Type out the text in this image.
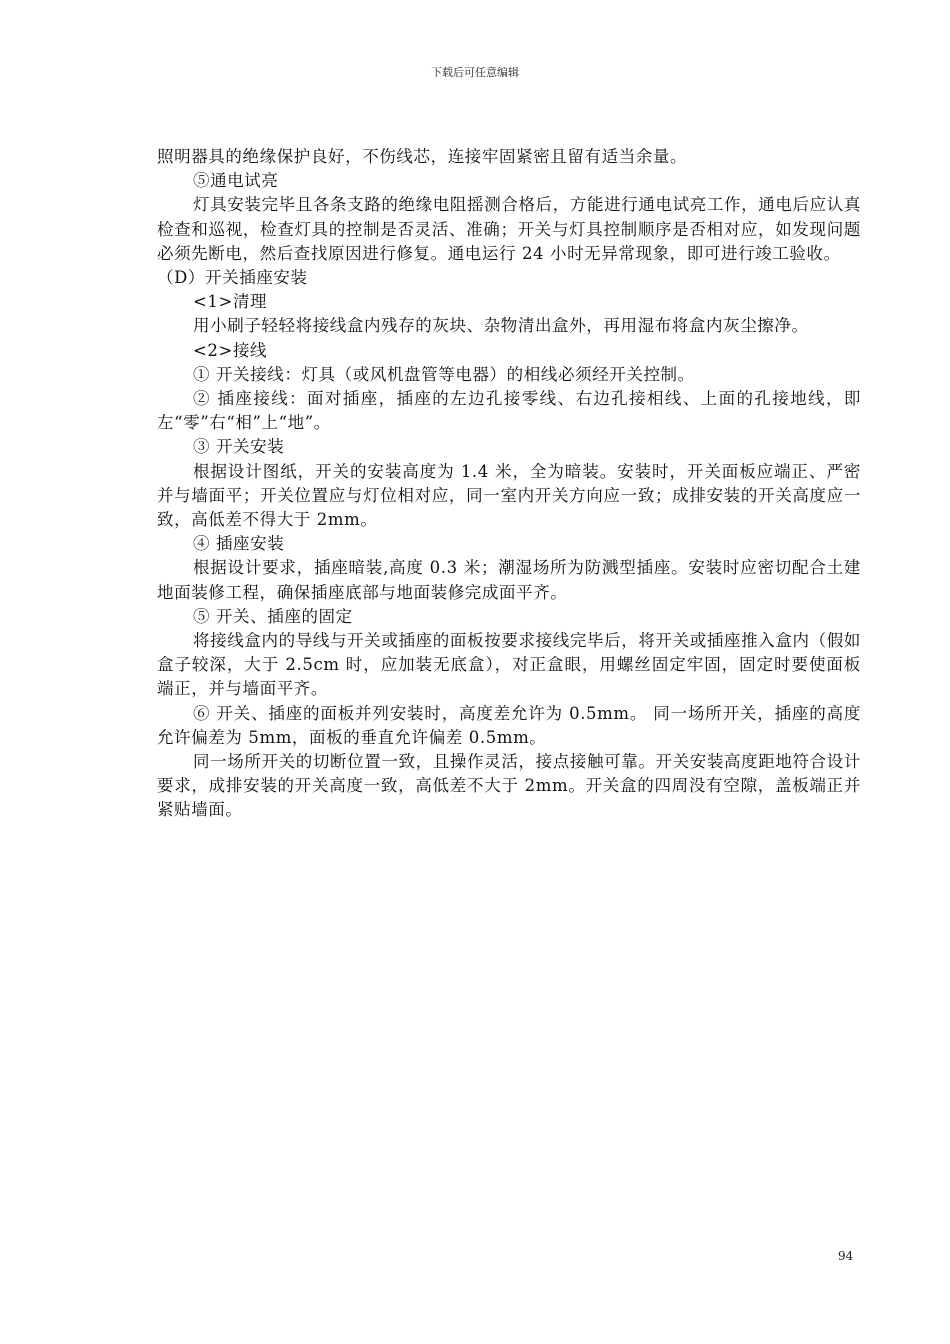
下载后可任意编辑

照明器具的绝缘保护良好，不伤线芯，连接牢固紧密且留有适当余量。

⑤通电试亮

灯具安装完毕且各条支路的绝缘电阻摇测合格后，方能进行通电试亮工作，通电后应认真检查和巡视，检查灯具的控制是否灵活、准确；开关与灯具控制顺序是否相对应，如发现问题必须先断电，然后查找原因进行修复。通电运行 24 小时无异常现象，即可进行竣工验收。

（D）开关插座安装

<1>清理

用小刷子轻轻将接线盒内残存的灰块、杂物清出盒外，再用湿布将盒内灰尘擦净。

<2>接线

① 开关接线：灯具（或风机盘管等电器）的相线必须经开关控制。

② 插座接线：面对插座，插座的左边孔接零线、右边孔接相线、上面的孔接地线，即左“零”右“相”上“地”。

③ 开关安装

根据设计图纸，开关的安装高度为 1.4 米，全为暗装。安装时，开关面板应端正、严密并与墙面平；开关位置应与灯位相对应，同一室内开关方向应一致；成排安装的开关高度应一致，高低差不得大于 2mm。

④ 插座安装

根据设计要求，插座暗装,高度 0.3 米；潮湿场所为防溅型插座。安装时应密切配合土建地面装修工程，确保插座底部与地面装修完成面平齐。

⑤ 开关、插座的固定

将接线盒内的导线与开关或插座的面板按要求接线完毕后，将开关或插座推入盒内（假如盒子较深，大于 2.5cm 时，应加装无底盒），对正盒眼，用螺丝固定牢固，固定时要使面板端正，并与墙面平齐。

⑥ 开关、插座的面板并列安装时，高度差允许为 0.5mm。 同一场所开关，插座的高度允许偏差为 5mm，面板的垂直允许偏差 0.5mm。

同一场所开关的切断位置一致，且操作灵活，接点接触可靠。开关安装高度距地符合设计要求，成排安装的开关高度一致，高低差不大于 2mm。开关盒的四周没有空隙，盖板端正并紧贴墙面。

94
